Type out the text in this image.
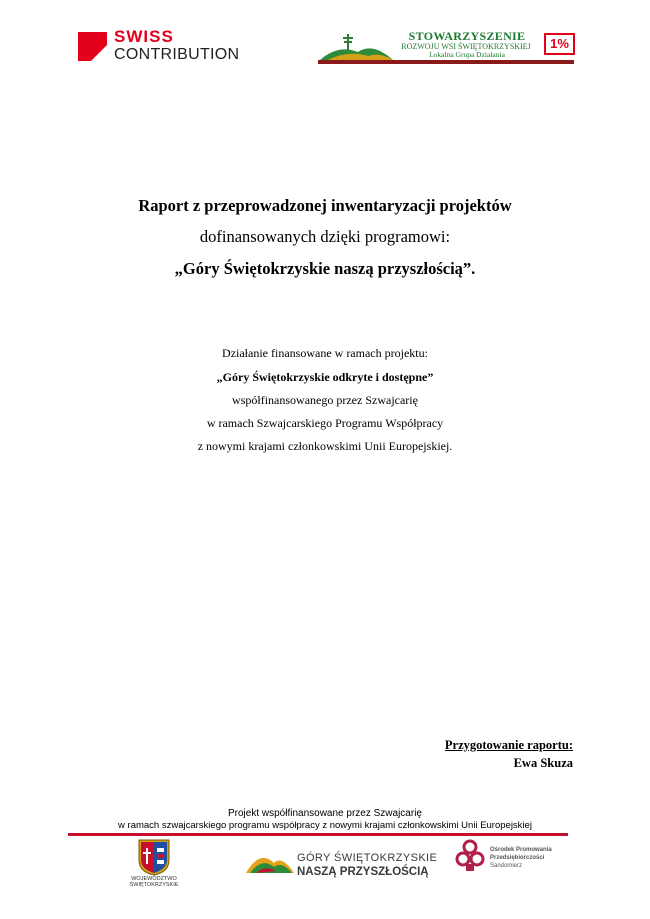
SWISS
CONTRIBUTION
STOWARZYSZENIE
ROZWOJU WSI ŚWIĘTOKRZYSKIEJ
Lokalna Grupa Działania
1%
Raport z przeprowadzonej inwentaryzacji projektów
dofinansowanych dzięki programowi:
„Góry Świętokrzyskie naszą przyszłością”.
Działanie finansowane w ramach projektu:
„Góry Świętokrzyskie odkryte i dostępne”
współfinansowanego przez Szwajcarię
w ramach Szwajcarskiego Programu Współpracy
z nowymi krajami członkowskimi Unii Europejskiej.
Przygotowanie raportu:
Ewa Skuza
Projekt współfinansowane przez Szwajcarię
w ramach szwajcarskiego programu współpracy z nowymi krajami członkowskimi Unii Europejskiej
WOJEWÓDZTWO
ŚWIĘTOKRZYSKIE
GÓRY ŚWIĘTOKRZYSKIE
NASZĄ PRZYSZŁOŚCIĄ
Ośrodek Promowania
Przedsiębiorczości
Sandomierz
